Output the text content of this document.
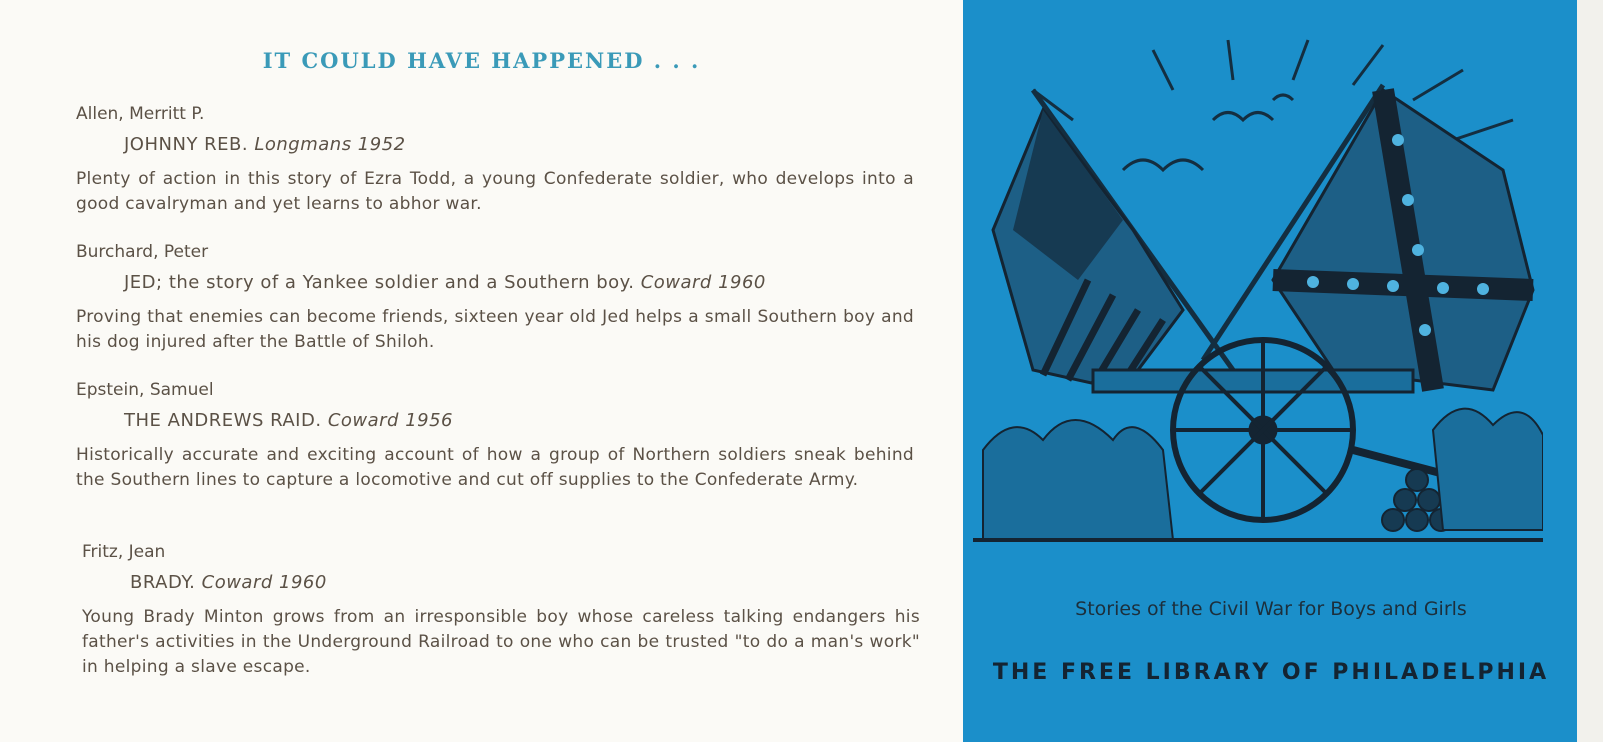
IT COULD HAVE HAPPENED . . .

Allen, Merritt P.

JOHNNY REB. Longmans 1952

Plenty of action in this story of Ezra Todd, a young Confederate soldier, who develops into a good cavalryman and yet learns to abhor war.

Burchard, Peter

JED; the story of a Yankee soldier and a Southern boy. Coward 1960

Proving that enemies can become friends, sixteen year old Jed helps a small Southern boy and his dog injured after the Battle of Shiloh.

Epstein, Samuel

THE ANDREWS RAID. Coward 1956

Historically accurate and exciting account of how a group of Northern soldiers sneak behind the Southern lines to capture a locomotive and cut off supplies to the Confederate Army.

Fritz, Jean

BRADY. Coward 1960

Young Brady Minton grows from an irresponsible boy whose careless talking endangers his father's activities in the Underground Railroad to one who can be trusted "to do a man's work" in helping a slave escape.

Stories of the Civil War for Boys and Girls
THE FREE LIBRARY OF PHILADELPHIA
